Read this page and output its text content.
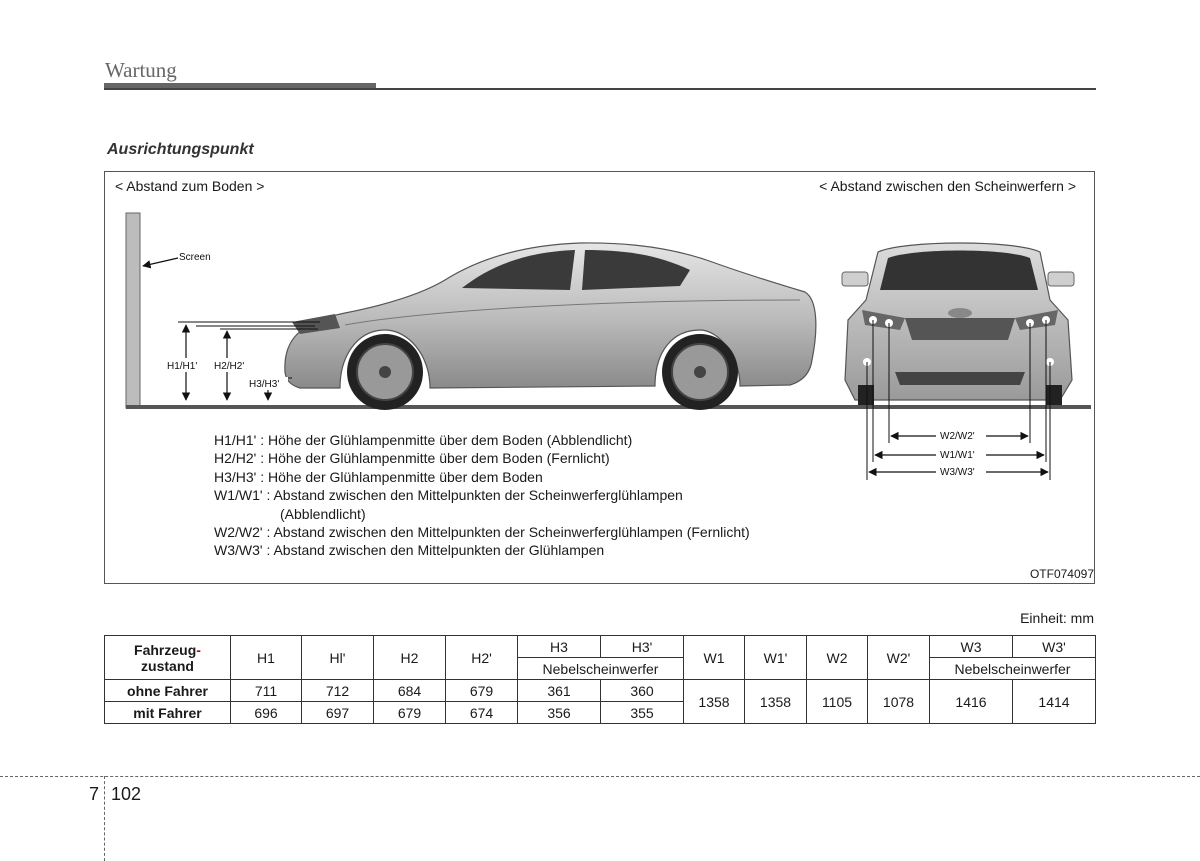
Wartung
Ausrichtungspunkt
< Abstand zum Boden >	< Abstand zwischen den Scheinwerfern >
Screen
H1/H1' H2/H2'
H3/H3'
W2/W2'
W1/W1'
W3/W3'
H1/H1' : Höhe der Glühlampenmitte über dem Boden (Abblendlicht)
H2/H2' : Höhe der Glühlampenmitte über dem Boden (Fernlicht)
H3/H3' : Höhe der Glühlampenmitte über dem Boden
W1/W1' : Abstand zwischen den Mittelpunkten der Scheinwerferglühlampen
(Abblendlicht)
W2/W2' : Abstand zwischen den Mittelpunkten der Scheinwerferglühlampen (Fernlicht)
W3/W3' : Abstand zwischen den Mittelpunkten der Glühlampen
OTF074097
Einheit: mm
Fahrzeug-
zustand	H1	Hl'	H2	H2'	H3	H3'	W1	W1'	W2	W2'	W3	W3'
					Nebelscheinwerfer						Nebelscheinwerfer	
ohne Fahrer	711	712	684	679	361	360	1358	1358	1105	1078	1416	1414
mit Fahrer	696	697	679	674	356	355						
7 102
